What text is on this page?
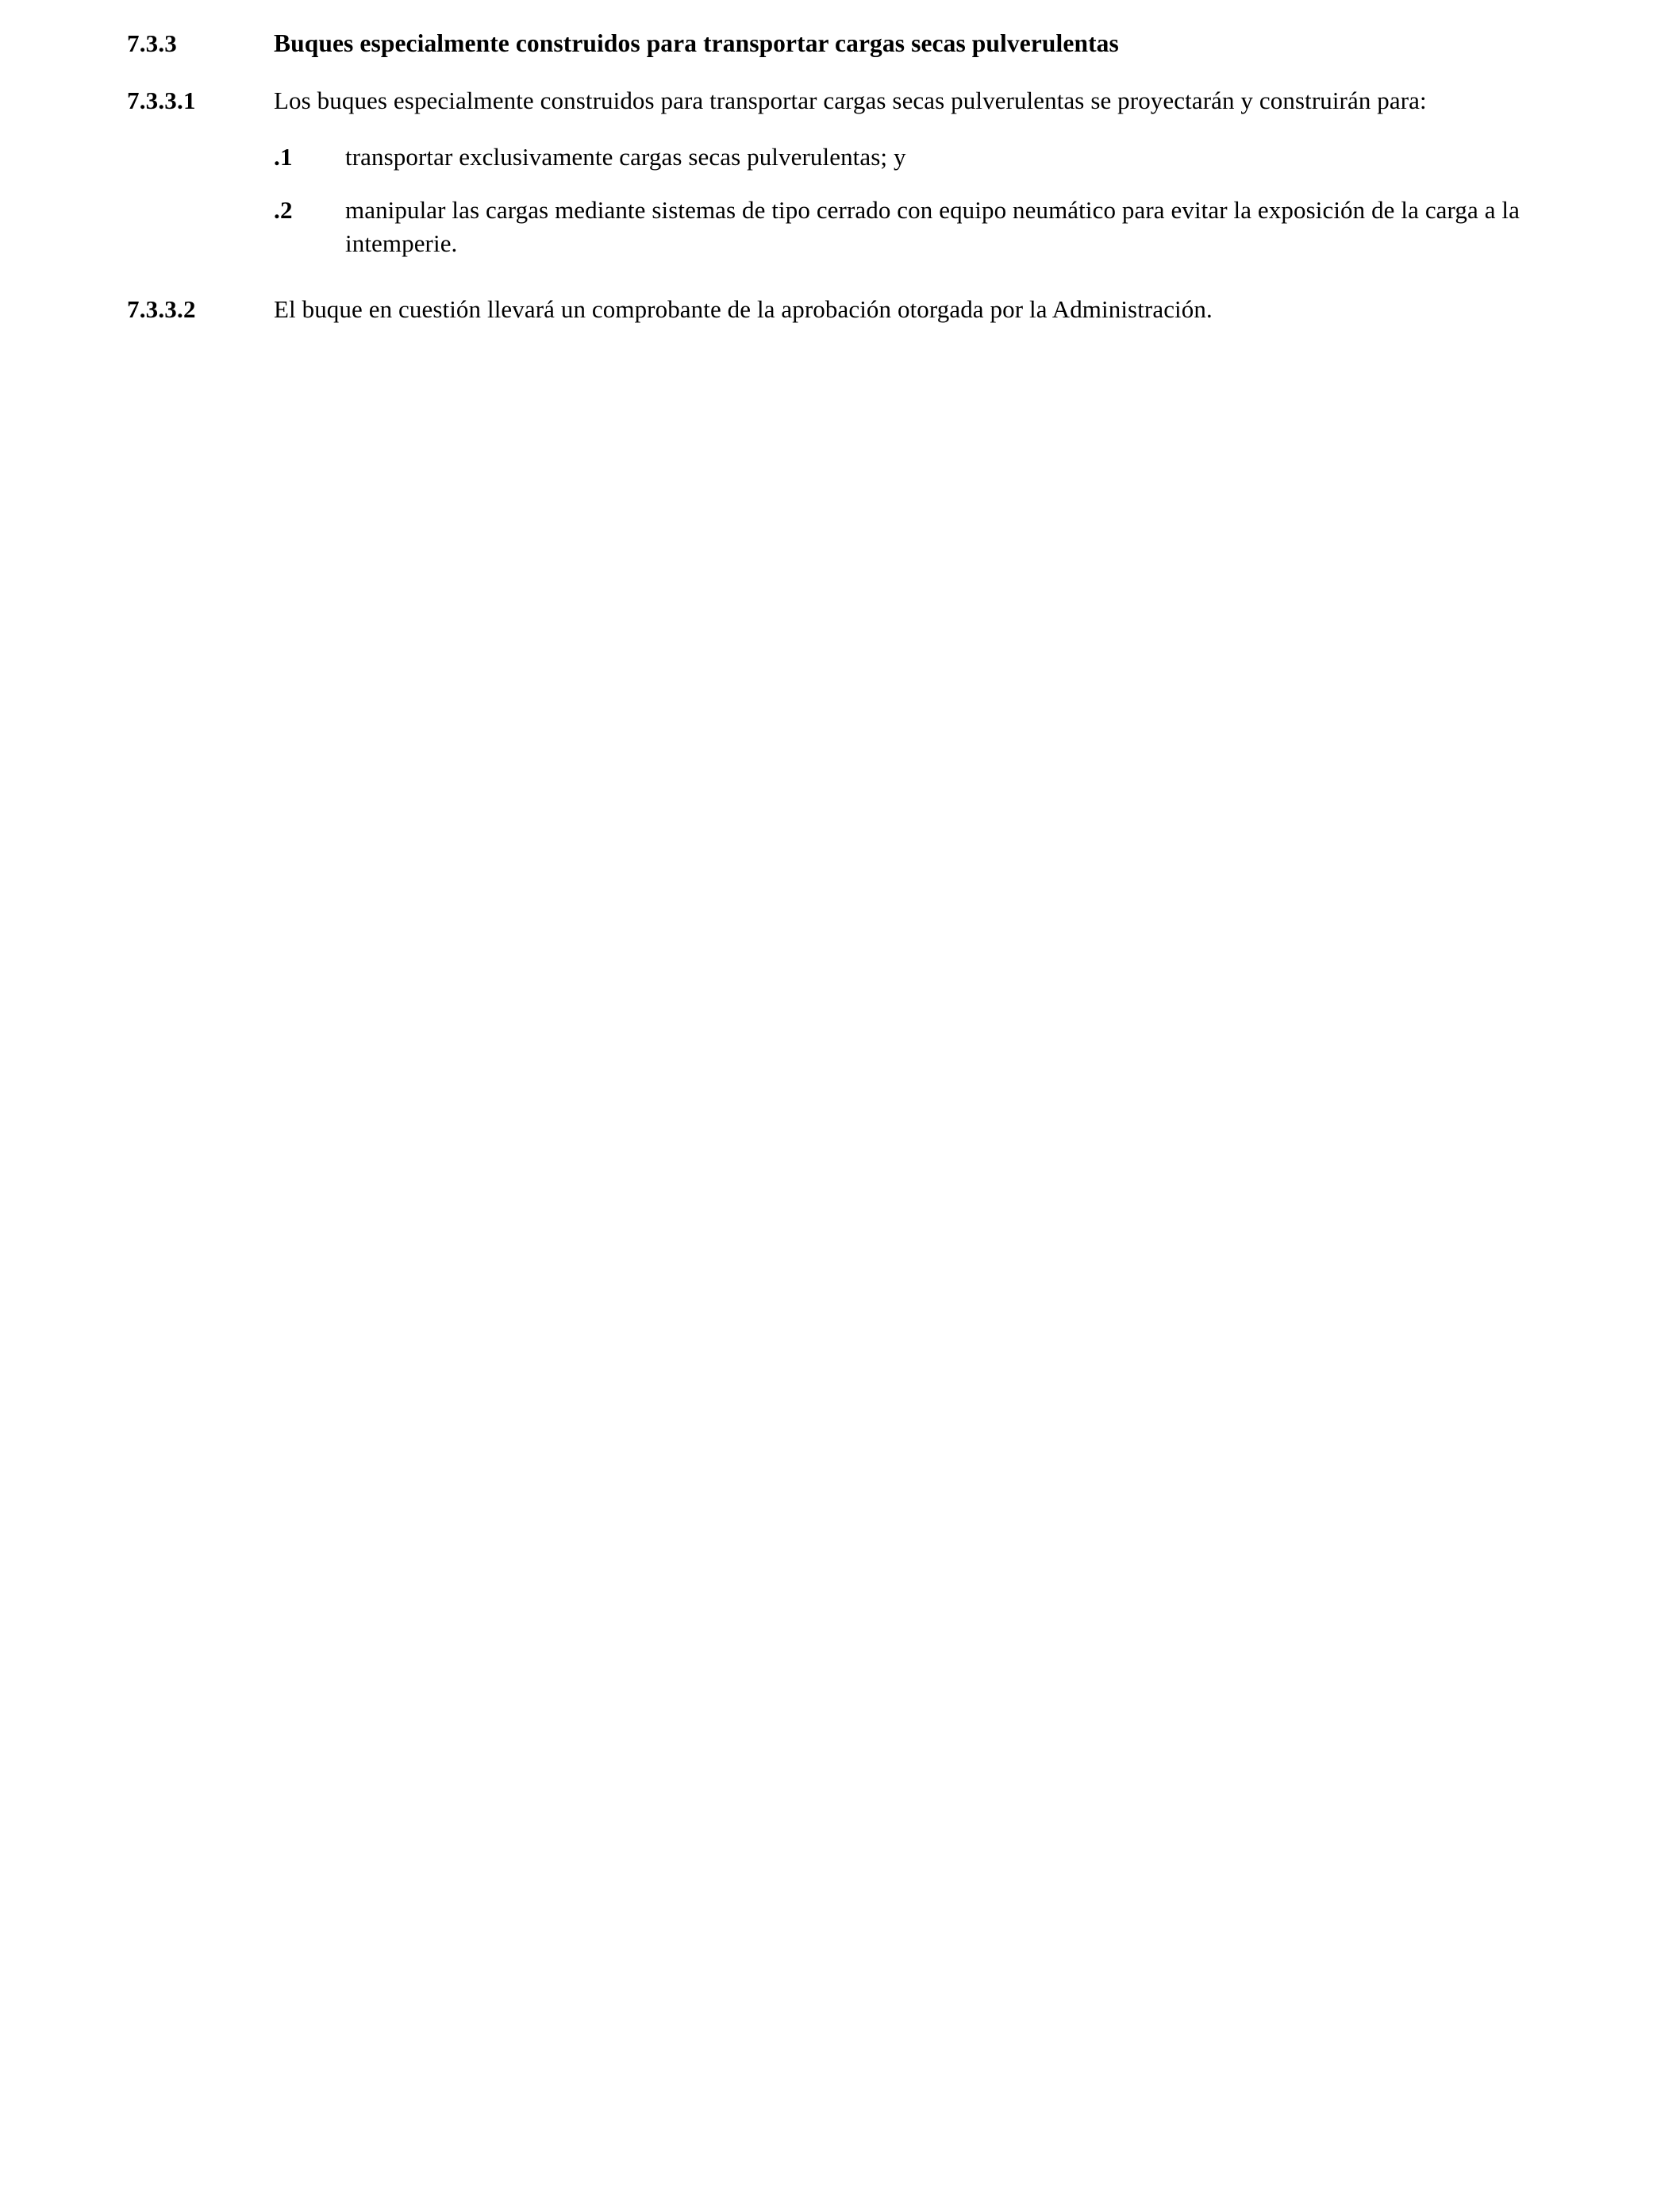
7.3.3	Buques especialmente construidos para transportar cargas secas pulverulentas
7.3.3.1	Los buques especialmente construidos para transportar cargas secas pulverulentas se proyectarán y construirán para:
.1	transportar exclusivamente cargas secas pulverulentas; y
.2	manipular las cargas mediante sistemas de tipo cerrado con equipo neumático para evitar la exposición de la carga a la intemperie.
7.3.3.2	El buque en cuestión llevará un comprobante de la aprobación otorgada por la Administración.
